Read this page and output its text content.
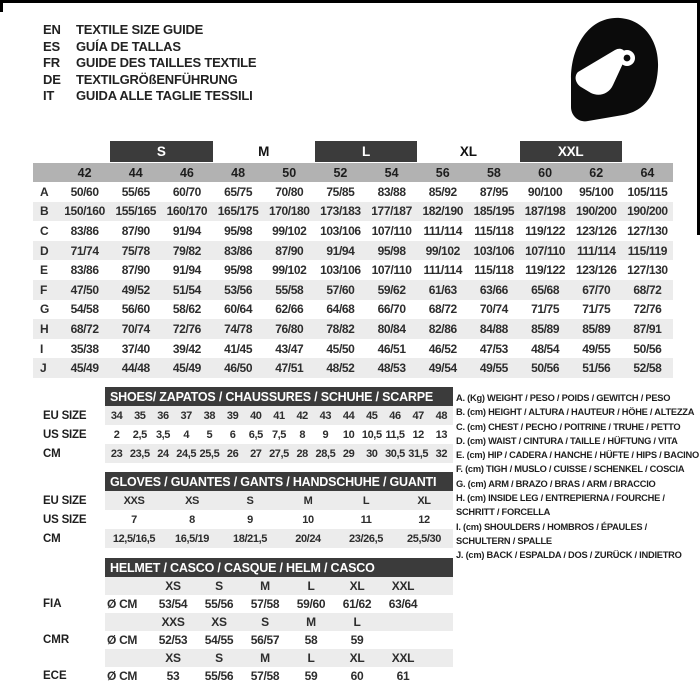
EN	TEXTILE SIZE GUIDE
ES	GUÍA DE TALLAS
FR	GUIDE DES TAILLES TEXTILE
DE	TEXTILGRÖßENFÜHRUNG
IT	GUIDA ALLE TAGLIE TESSILI
S	M	L	XL	XXL
42	44	46	48	50	52	54	56	58	60	62	64
A	50/60	55/65	60/70	65/75	70/80	75/85	83/88	85/92	87/95	90/100	95/100	105/115
B	150/160 155/165 160/170 165/175 170/180 173/183 177/187 182/190 185/195 187/198 190/200 190/200
C	83/86	87/90	91/94	95/98	99/102	103/106 107/110 111/114	115/118 119/122 123/126 127/130
D	71/74	75/78	79/82	83/86	87/90	91/94	95/98	99/102	103/106 107/110 111/114	115/119
E	83/86	87/90	91/94	95/98	99/102	103/106 107/110 111/114	115/118 119/122 123/126 127/130
F	47/50	49/52	51/54	53/56	55/58	57/60	59/62	61/63	63/66	65/68	67/70	68/72
G	54/58	56/60	58/62	60/64	62/66	64/68	66/70	68/72	70/74	71/75	71/75	72/76
H	68/72	70/74	72/76	74/78	76/80	78/82	80/84	82/86	84/88	85/89	85/89	87/91
I	35/38	37/40	39/42	41/45	43/47	45/50	46/51	46/52	47/53	48/54	49/55	50/56
J	45/49	44/48	45/49	46/50	47/51	48/52	48/53	49/54	49/55	50/56	51/56	52/58
SHOES/ ZAPATOS / CHAUSSURES / SCHUHE / SCARPE
EU SIZE	34	35	36	37	38	39	40	41	42	43	44	45	46	47	48
US SIZE	2	2,5 3,5	4	5	6	6,5 7,5	8	9	10 10,5 11,5 12	13
CM	23 23,5 24 24,5 25,5 26	27 27,5 28 28,5 29	30 30,5 31,5 32
GLOVES / GUANTES / GANTS / HANDSCHUHE / GUANTI
EU SIZE	XXS	XS	S	M	L	XL
US SIZE	7	8	9	10	11	12
CM	12,5/16,5	16,5/19	18/21,5	20/24	23/26,5	25,5/30
HELMET / CASCO / CASQUE / HELM / CASCO
XS	S	M	L	XL	XXL
FIA	Ø CM	53/54	55/56	57/58	59/60	61/62	63/64
XXS	XS	S	M	L
CMR	Ø CM	52/53	54/55	56/57	58	59
XS	S	M	L	XL	XXL
ECE	Ø CM	53	55/56	57/58	59	60	61
A. (Kg) WEIGHT / PESO / POIDS / GEWITCH / PESO
B. (cm) HEIGHT / ALTURA / HAUTEUR / HÖHE / ALTEZZA
C. (cm) CHEST / PECHO / POITRINE / TRUHE / PETTO
D. (cm) WAIST / CINTURA / TAILLE / HÜFTUNG / VITA
E. (cm) HIP / CADERA / HANCHE / HÜFTE / HIPS / BACINO
F. (cm) TIGH / MUSLO / CUISSE / SCHENKEL / COSCIA
G. (cm) ARM / BRAZO / BRAS / ARM / BRACCIO
H. (cm) INSIDE LEG / ENTREPIERNA / FOURCHE /
SCHRITT / FORCELLA
I. (cm) SHOULDERS / HOMBROS / ÉPAULES /
SCHULTERN / SPALLE
J. (cm) BACK / ESPALDA / DOS / ZURÜCK / INDIETRO
